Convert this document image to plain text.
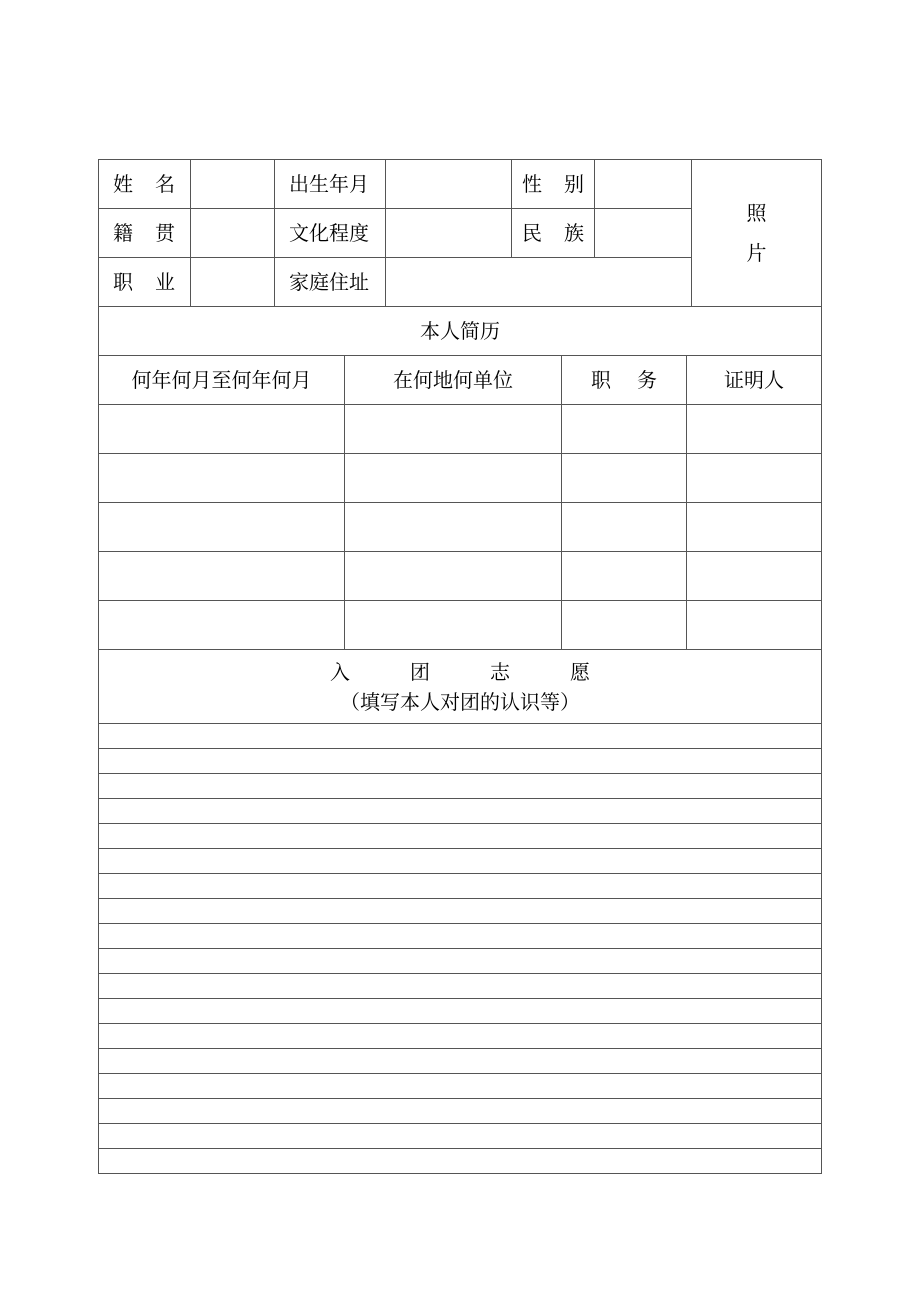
姓 名	出生年月	性 别
照
片
籍 贯	文化程度	民 族
职 业	家庭住址
本人简历
何年何月至何年何月	在何地何单位	职 务	证明人
入	团	志	愿
（填写本人对团的认识等）
